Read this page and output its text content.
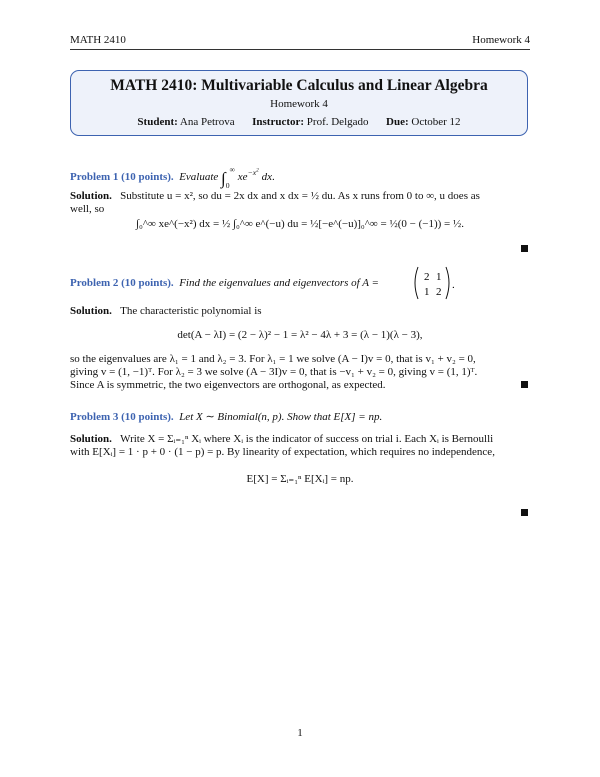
MATH 2410	Homework 4
MATH 2410: Multivariable Calculus and Linear Algebra
Homework 4
Student: Ana Petrova Instructor: Prof. Delgado Due: October 12
Problem 1 (10 points). Evaluate $\int_0^\infty$ $xe^{-x^2}$ dx.
Solution. Substitute u = x², so du = 2x dx and x dx = ½ du. As x runs from 0 to ∞, u does as
well, so
∫₀^∞ xe^(−x²) dx = ½ ∫₀^∞ e^(−u) du = ½[−e^(−u)]₀^∞ = ½(0 − (−1)) = ½.
Problem 2 (10 points). Find the eigenvalues and eigenvectors of A =	2 1
1 2
.
Solution. The characteristic polynomial is
det(A − λI) = (2 − λ)² − 1 = λ² − 4λ + 3 = (λ − 1)(λ − 3),
so the eigenvalues are λ₁ = 1 and λ₂ = 3. For λ₁ = 1 we solve (A − I)v = 0, that is v₁ + v₂ = 0,
giving v = (1, −1)ᵀ. For λ₂ = 3 we solve (A − 3I)v = 0, that is −v₁ + v₂ = 0, giving v = (1, 1)ᵀ.
Since A is symmetric, the two eigenvectors are orthogonal, as expected.
Problem 3 (10 points). Let X ∼ Binomial(n, p). Show that E[X] = np.
Solution. Write X = Σᵢ₌₁ⁿ Xᵢ where Xᵢ is the indicator of success on trial i. Each Xᵢ is Bernoulli
with E[Xᵢ] = 1 · p + 0 · (1 − p) = p. By linearity of expectation, which requires no independence,
E[X] = Σᵢ₌₁ⁿ E[Xᵢ] = np.
1
